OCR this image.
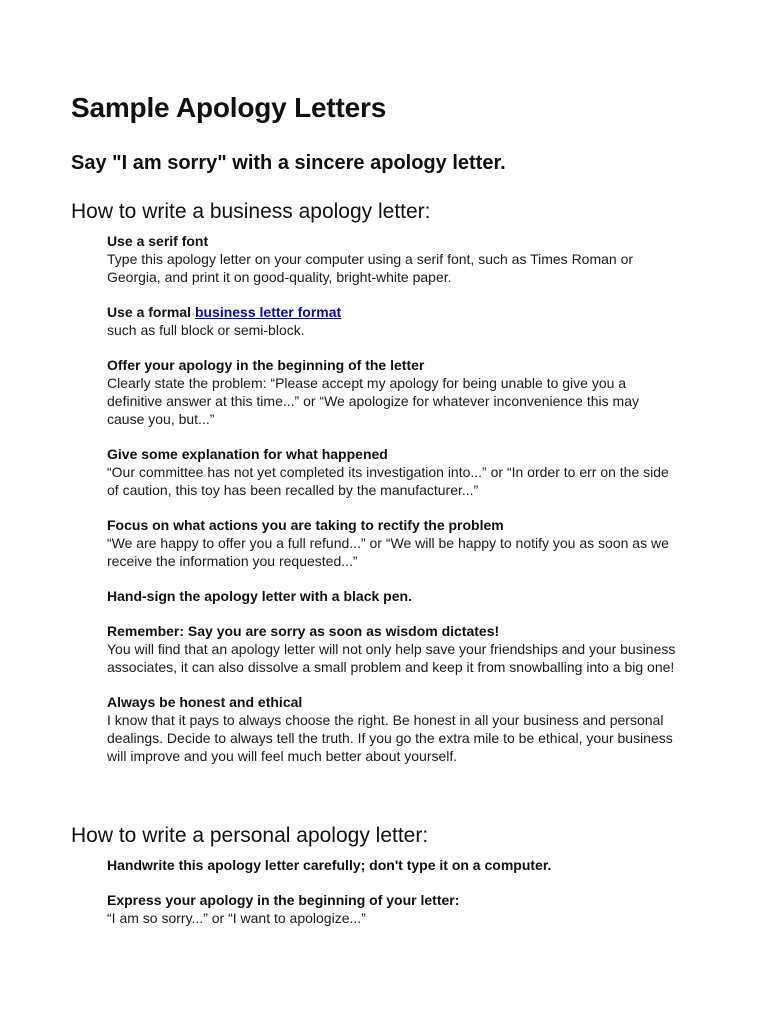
Sample Apology Letters
Say "I am sorry" with a sincere apology letter.
How to write a business apology letter:
Use a serif font
Type this apology letter on your computer using a serif font, such as Times Roman or Georgia, and print it on good-quality, bright-white paper.
Use a formal business letter format
such as full block or semi-block.
Offer your apology in the beginning of the letter
Clearly state the problem: “Please accept my apology for being unable to give you a definitive answer at this time...” or “We apologize for whatever inconvenience this may cause you, but...”
Give some explanation for what happened
“Our committee has not yet completed its investigation into...” or “In order to err on the side of caution, this toy has been recalled by the manufacturer...”
Focus on what actions you are taking to rectify the problem
“We are happy to offer you a full refund...” or “We will be happy to notify you as soon as we receive the information you requested...”
Hand-sign the apology letter with a black pen.
Remember: Say you are sorry as soon as wisdom dictates!
You will find that an apology letter will not only help save your friendships and your business associates, it can also dissolve a small problem and keep it from snowballing into a big one!
Always be honest and ethical
I know that it pays to always choose the right. Be honest in all your business and personal dealings. Decide to always tell the truth. If you go the extra mile to be ethical, your business will improve and you will feel much better about yourself.
How to write a personal apology letter:
Handwrite this apology letter carefully; don't type it on a computer.
Express your apology in the beginning of your letter:
“I am so sorry...” or “I want to apologize...”
